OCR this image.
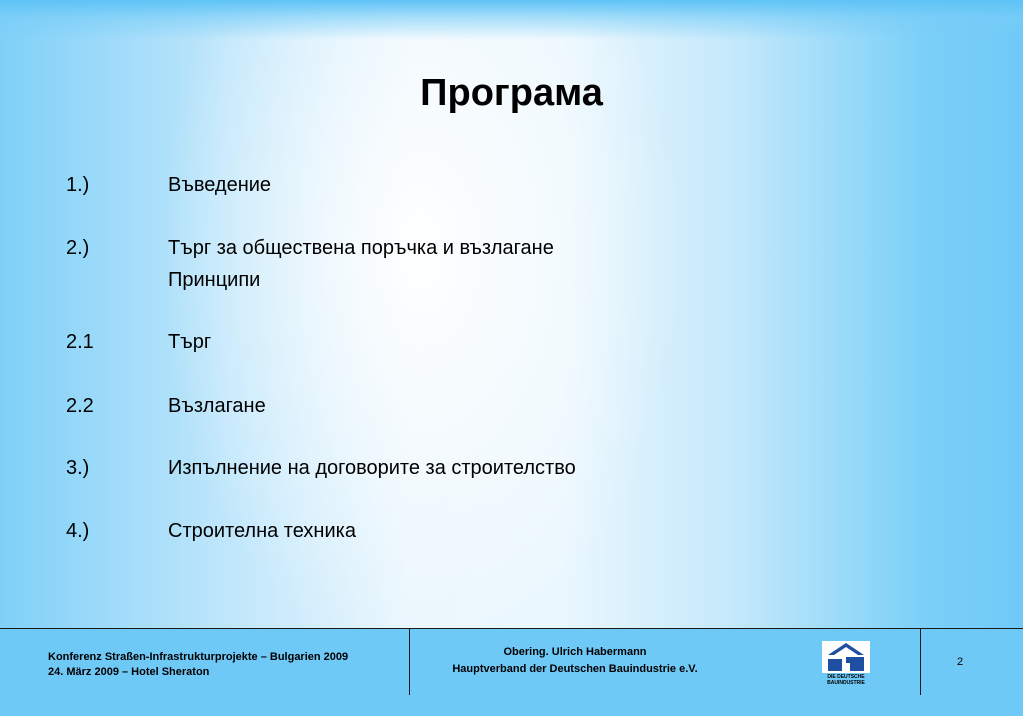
Програма
1.)	Въведение
2.)	Търг за обществена поръчка и възлагане
Принципи
2.1	Търг
2.2	Възлагане
3.)	Изпълнение на договорите за строителство
4.)	Строителна техника
Konferenz Straßen-Infrastrukturprojekte – Bulgarien 2009
24. März 2009 – Hotel Sheraton
Obering. Ulrich Habermann
Hauptverband der Deutschen Bauindustrie e.V.
DIE DEUTSCHE
BAUINDUSTRIE
2
